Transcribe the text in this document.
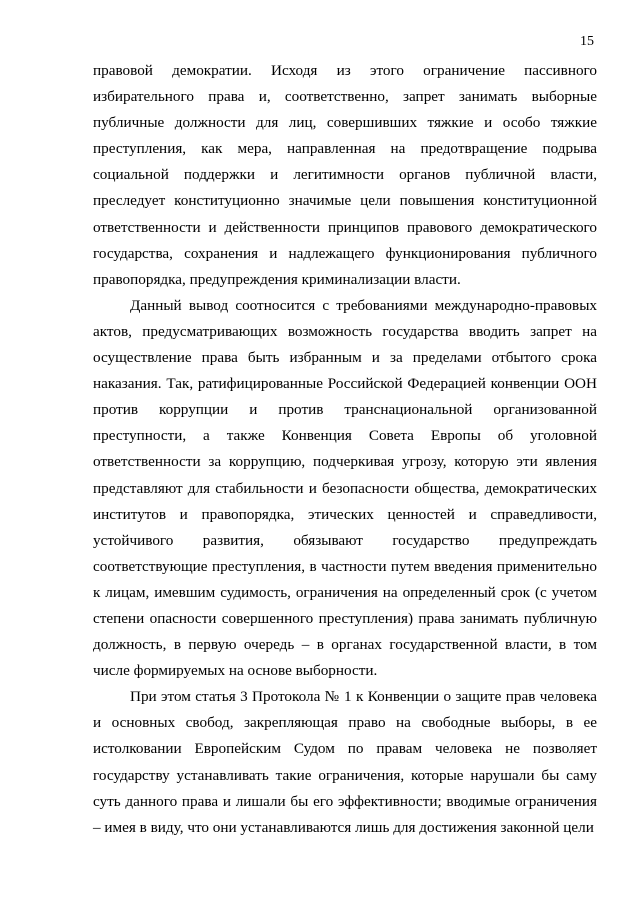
15

правовой демократии. Исходя из этого ограничение пассивного избирательного права и, соответственно, запрет занимать выборные публичные должности для лиц, совершивших тяжкие и особо тяжкие преступления, как мера, направленная на предотвращение подрыва социальной поддержки и легитимности органов публичной власти, преследует конституционно значимые цели повышения конституционной ответственности и действенности принципов правового демократического государства, сохранения и надлежащего функционирования публичного правопорядка, предупреждения криминализации власти.

Данный вывод соотносится с требованиями международно-правовых актов, предусматривающих возможность государства вводить запрет на осуществление права быть избранным и за пределами отбытого срока наказания. Так, ратифицированные Российской Федерацией конвенции ООН против коррупции и против транснациональной организованной преступности, а также Конвенция Совета Европы об уголовной ответственности за коррупцию, подчеркивая угрозу, которую эти явления представляют для стабильности и безопасности общества, демократических институтов и правопорядка, этических ценностей и справедливости, устойчивого развития, обязывают государство предупреждать соответствующие преступления, в частности путем введения применительно к лицам, имевшим судимость, ограничения на определенный срок (с учетом степени опасности совершенного преступления) права занимать публичную должность, в первую очередь – в органах государственной власти, в том числе формируемых на основе выборности.

При этом статья 3 Протокола № 1 к Конвенции о защите прав человека и основных свобод, закрепляющая право на свободные выборы, в ее истолковании Европейским Судом по правам человека не позволяет государству устанавливать такие ограничения, которые нарушали бы саму суть данного права и лишали бы его эффективности; вводимые ограничения – имея в виду, что они устанавливаются лишь для достижения законной цели
